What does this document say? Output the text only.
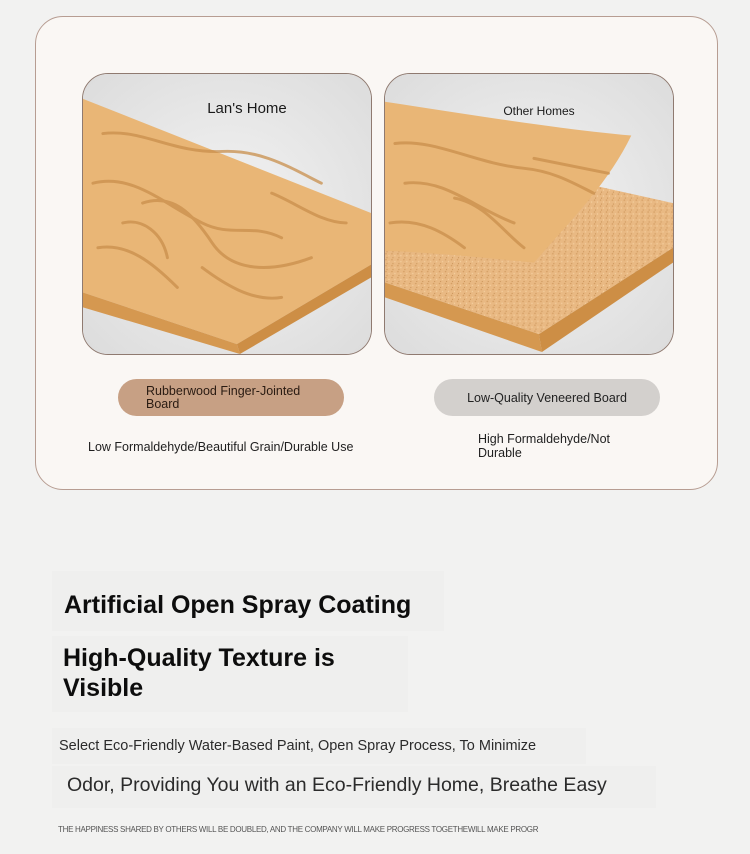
Lan's Home	Other Homes
Rubberwood Finger-Jointed Board	Low-Quality Veneered Board
Low Formaldehyde/Beautiful Grain/Durable Use
High Formaldehyde/Not Durable
Artificial Open Spray Coating
High-Quality Texture is Visible
Select Eco-Friendly Water-Based Paint, Open Spray Process, To Minimize
Odor, Providing You with an Eco-Friendly Home, Breathe Easy
THE HAPPINESS SHARED BY OTHERS WILL BE DOUBLED, AND THE COMPANY WILL MAKE PROGRESS TOGETHEWILL MAKE PROGR
